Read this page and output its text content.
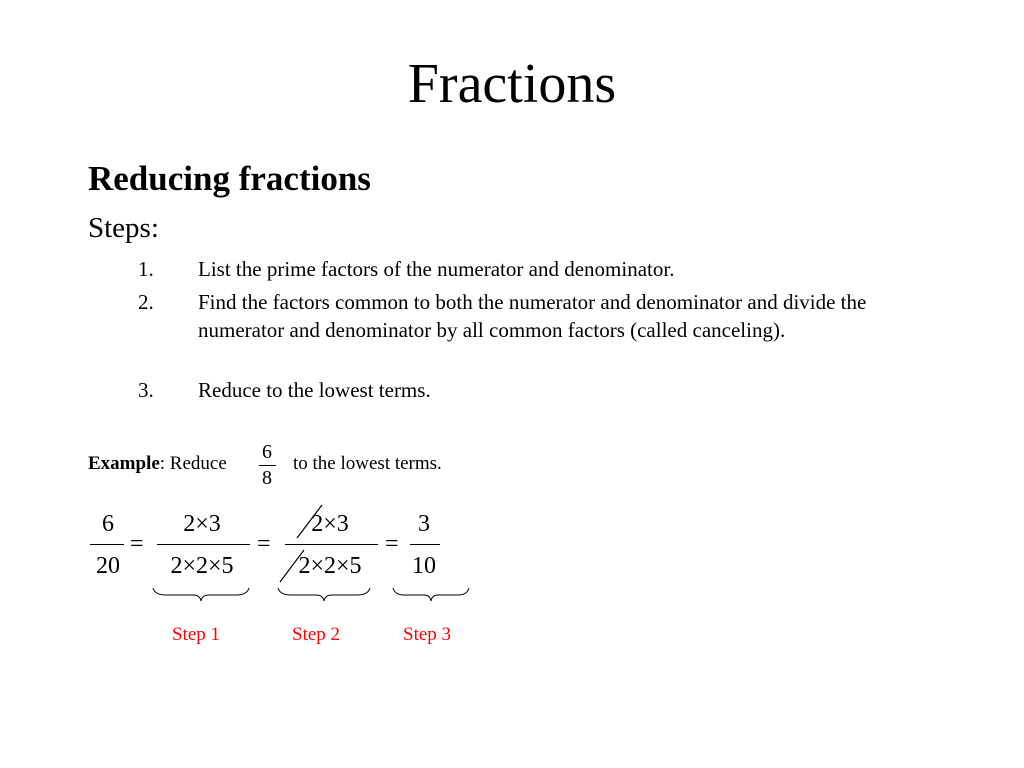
Fractions
Reducing fractions
Steps:
1. List the prime factors of the numerator and denominator.
2. Find the factors common to both the numerator and denominator and divide the numerator and denominator by all common factors (called canceling).
3. Reduce to the lowest terms.
Example: Reduce
6
8
to the lowest terms.
6
20
=
2×3
2×2×5
=
2×3
2×2×5
=
3
10
Step 1	Step 2	Step 3
